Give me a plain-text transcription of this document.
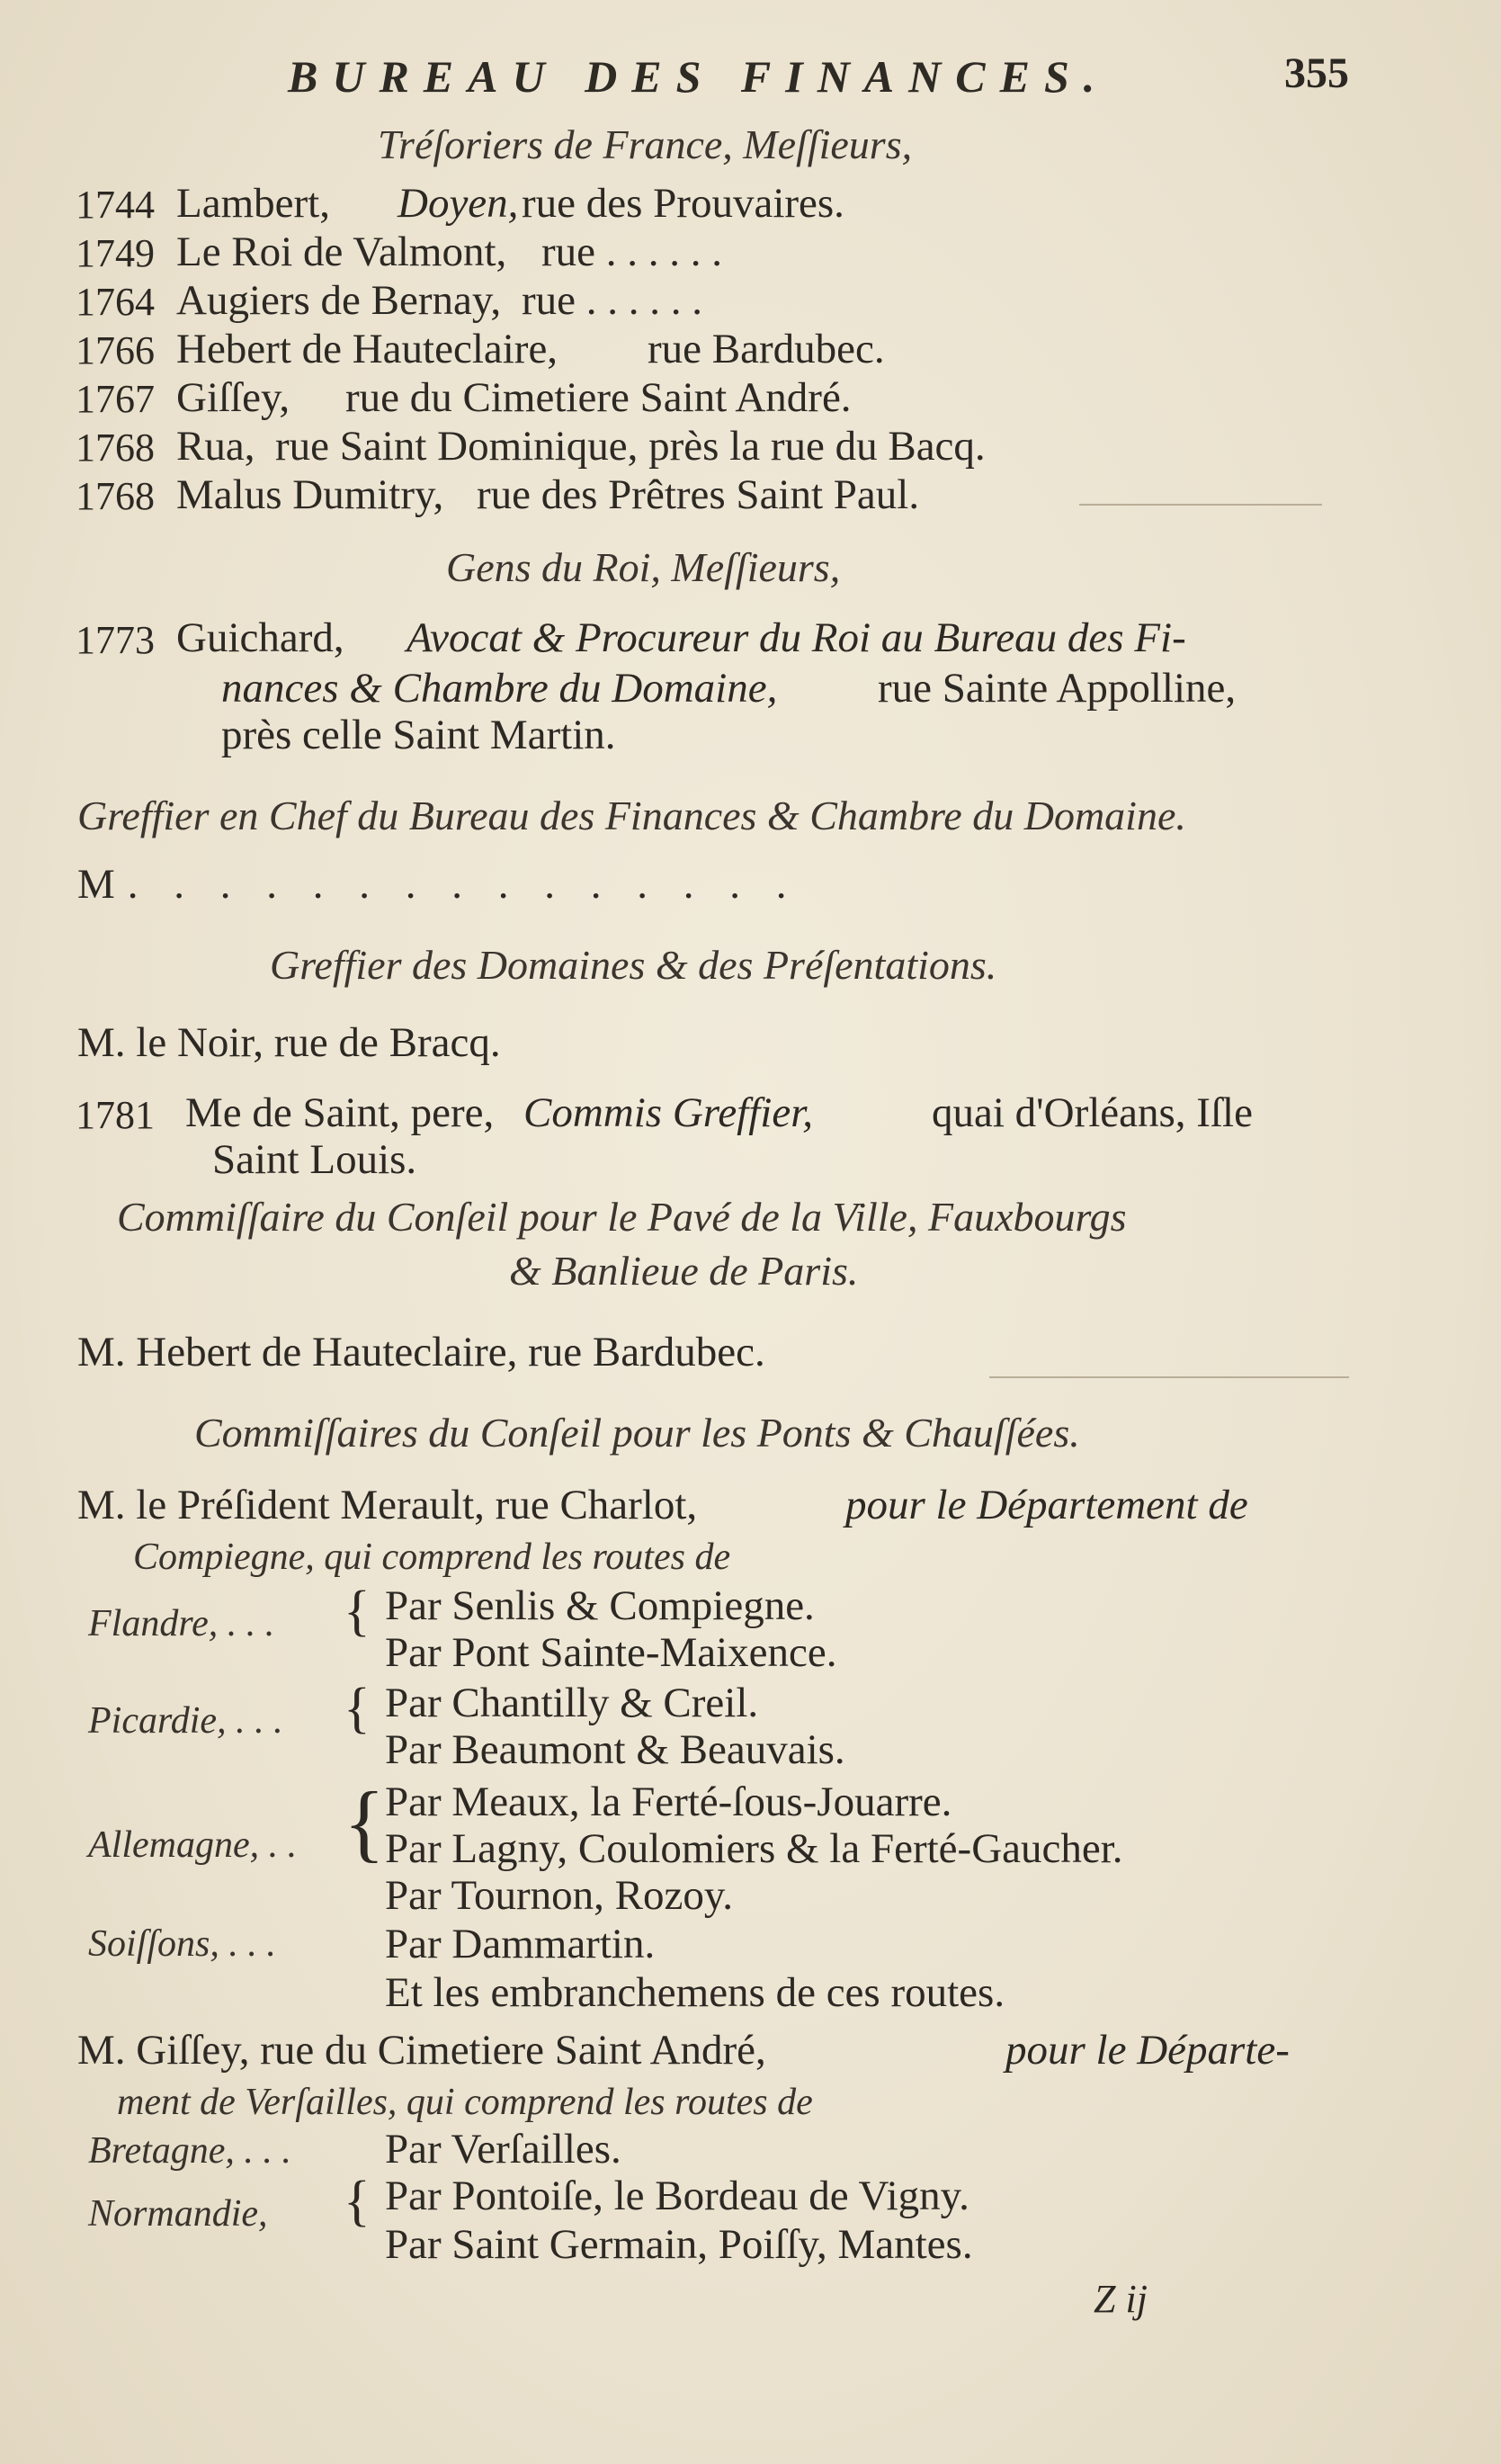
BUREAU DES FINANCES.	355
Tréſoriers de France, Meſſieurs,
1744 Lambert, Doyen, rue des Prouvaires.
1749 Le Roi de Valmont, rue . . . . . .
1764 Augiers de Bernay, rue . . . . . .
1766 Hebert de Hauteclaire, rue Bardubec.
1767 Giſſey, rue du Cimetiere Saint André.
1768 Rua, rue Saint Dominique, près la rue du Bacq.
1768 Malus Dumitry, rue des Prêtres Saint Paul.
Gens du Roi, Meſſieurs,
1773 Guichard, Avocat & Procureur du Roi au Bureau des Fi-
nances & Chambre du Domaine, rue Sainte Appolline,
près celle Saint Martin.
Greffier en Chef du Bureau des Finances & Chambre du Domaine.
M. . . . . . . . . . . . . . .
Greffier des Domaines & des Préſentations.
M. le Noir, rue de Bracq.
1781 Me de Saint, pere, Commis Greffier,	quai d'Orléans, Iſle
Saint Louis.
Commiſſaire du Conſeil pour le Pavé de la Ville, Fauxbourgs
& Banlieue de Paris.
M. Hebert de Hauteclaire, rue Bardubec.
Commiſſaires du Conſeil pour les Ponts & Chauſſées.
M. le Préſident Merault, rue Charlot,	pour le Département de
Compiegne, qui comprend les routes de
Flandre, . . . { Par Senlis & Compiegne.
Par Pont Sainte-Maixence.
Picardie, . . . { Par Chantilly & Creil.
Par Beaumont & Beauvais.
Allemagne, . . { Par Meaux, la Ferté-ſous-Jouarre.
Par Lagny, Coulomiers & la Ferté-Gaucher.
Par Tournon, Rozoy.
Soiſſons, . . .	Par Dammartin.
Et les embranchemens de ces routes.
M. Giſſey, rue du Cimetiere Saint André,	pour le Départe-
ment de Verſailles, qui comprend les routes de
Bretagne, . . . Par Verſailles.
Normandie, { Par Pontoiſe, le Bordeau de Vigny.
Par Saint Germain, Poiſſy, Mantes.
Z ij
